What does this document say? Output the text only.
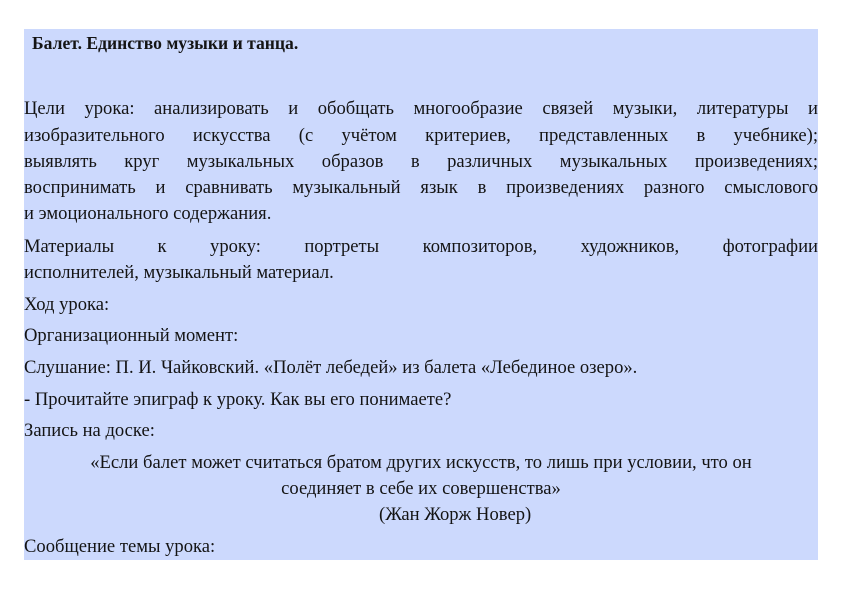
Балет. Единство музыки и танца.
Цели урока: анализировать и обобщать многообразие связей музыки, литературы и
изобразительного искусства (с учётом критериев, представленных в учебнике);
выявлять круг музыкальных образов в различных музыкальных произведениях;
воспринимать и сравнивать музыкальный язык в произведениях разного смыслового
и эмоционального содержания.
Материалы к уроку: портреты композиторов, художников, фотографии
исполнителей, музыкальный материал.
Ход урока:
Организационный момент:
Слушание: П. И. Чайковский. «Полёт лебедей» из балета «Лебединое озеро».
- Прочитайте эпиграф к уроку. Как вы его понимаете?
Запись на доске:
«Если балет может считаться братом других искусств, то лишь при условии, что он
соединяет в себе их совершенства»
(Жан Жорж Новер)
Сообщение темы урока:
